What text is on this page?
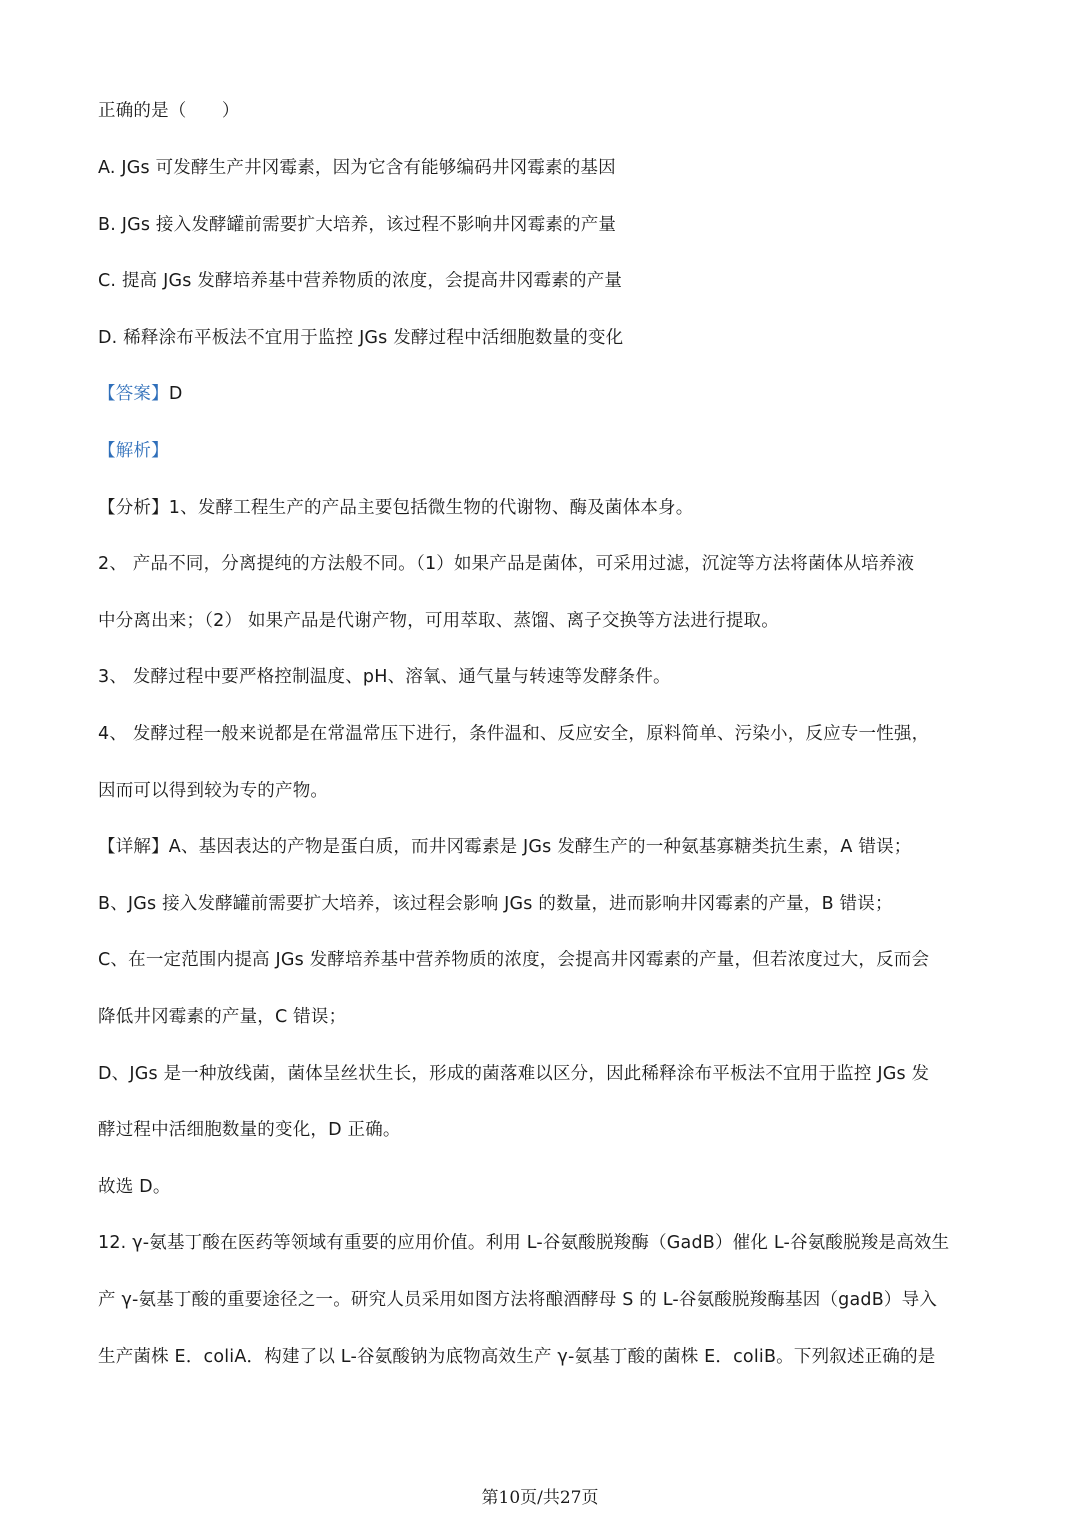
正确的是（　　）
A. JGs 可发酵生产井冈霉素，因为它含有能够编码井冈霉素的基因
B. JGs 接入发酵罐前需要扩大培养，该过程不影响井冈霉素的产量
C. 提高 JGs 发酵培养基中营养物质的浓度，会提高井冈霉素的产量
D. 稀释涂布平板法不宜用于监控 JGs 发酵过程中活细胞数量的变化
【答案】D
【解析】
【分析】1、发酵工程生产的产品主要包括微生物的代谢物、酶及菌体本身。
2、 产品不同，分离提纯的方法般不同。（1）如果产品是菌体，可采用过滤，沉淀等方法将菌体从培养液
中分离出来；（2） 如果产品是代谢产物，可用萃取、蒸馏、离子交换等方法进行提取。
3、 发酵过程中要严格控制温度、pH、溶氧、通气量与转速等发酵条件。
4、 发酵过程一般来说都是在常温常压下进行，条件温和、反应安全，原料简单、污染小，反应专一性强，
因而可以得到较为专的产物。
【详解】A、基因表达的产物是蛋白质，而井冈霉素是 JGs 发酵生产的一种氨基寡糖类抗生素，A 错误；
B、JGs 接入发酵罐前需要扩大培养，该过程会影响 JGs 的数量，进而影响井冈霉素的产量，B 错误；
C、在一定范围内提高 JGs 发酵培养基中营养物质的浓度，会提高井冈霉素的产量，但若浓度过大，反而会
降低井冈霉素的产量，C 错误；
D、JGs 是一种放线菌，菌体呈丝状生长，形成的菌落难以区分，因此稀释涂布平板法不宜用于监控 JGs 发
酵过程中活细胞数量的变化，D 正确。
故选 D。
12. γ-氨基丁酸在医药等领域有重要的应用价值。利用 L-谷氨酸脱羧酶（GadB）催化 L-谷氨酸脱羧是高效生
产 γ-氨基丁酸的重要途径之一。研究人员采用如图方法将酿酒酵母 S 的 L-谷氨酸脱羧酶基因（gadB）导入
生产菌株 E．coliA．构建了以 L-谷氨酸钠为底物高效生产 γ-氨基丁酸的菌株 E．coliB。下列叙述正确的是
第10页/共27页
